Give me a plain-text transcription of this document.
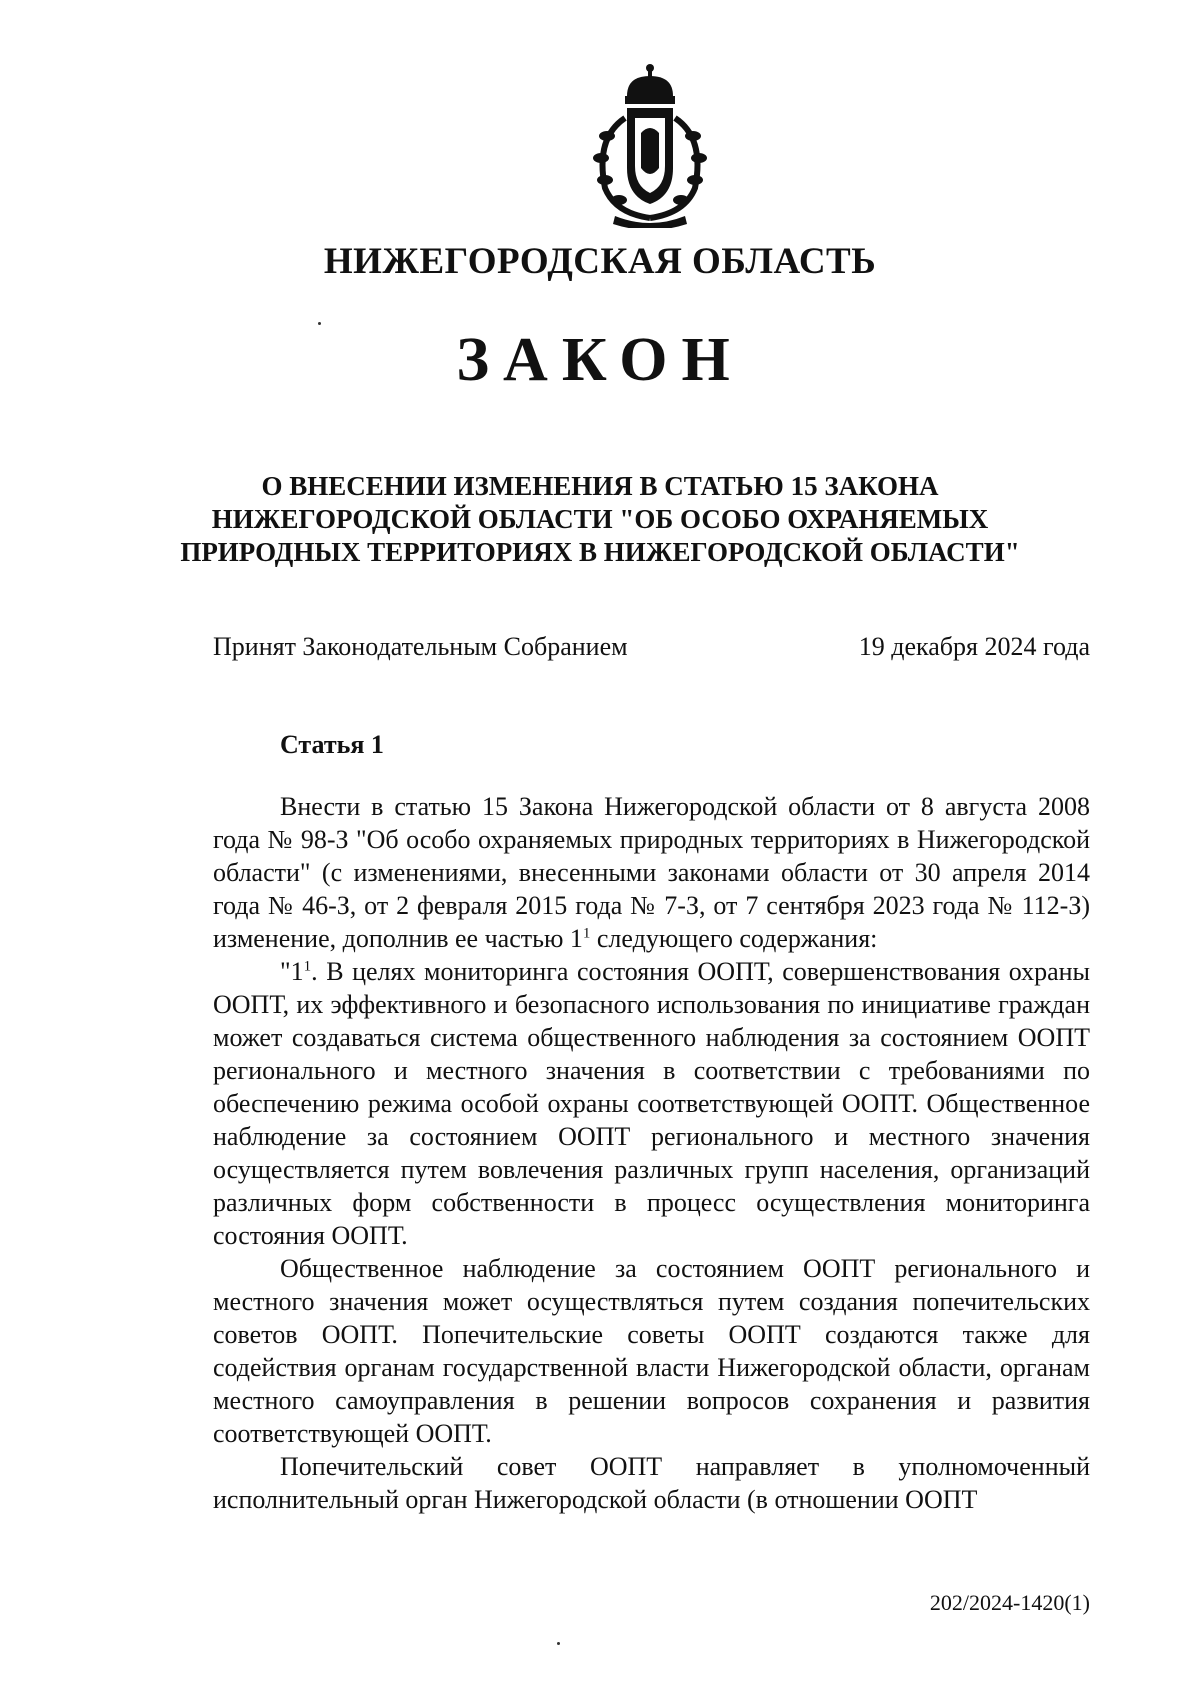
НИЖЕГОРОДСКАЯ ОБЛАСТЬ
ЗАКОН
О ВНЕСЕНИИ ИЗМЕНЕНИЯ В СТАТЬЮ 15 ЗАКОНА
НИЖЕГОРОДСКОЙ ОБЛАСТИ "ОБ ОСОБО ОХРАНЯЕМЫХ
ПРИРОДНЫХ ТЕРРИТОРИЯХ В НИЖЕГОРОДСКОЙ ОБЛАСТИ"
Принят Законодательным Собранием	19 декабря 2024 года
Статья 1

Внести в статью 15 Закона Нижегородской области от 8 августа 2008 года № 98-З "Об особо охраняемых природных территориях в Нижегородской области" (с изменениями, внесенными законами области от 30 апреля 2014 года № 46-З, от 2 февраля 2015 года № 7-З, от 7 сентября 2023 года № 112-З) изменение, дополнив ее частью $1^1$ следующего содержания:

"$1^1$. В целях мониторинга состояния ООПТ, совершенствования охраны ООПТ, их эффективного и безопасного использования по инициативе граждан может создаваться система общественного наблюдения за состоянием ООПТ регионального и местного значения в соответствии с требованиями по обеспечению режима особой охраны соответствующей ООПТ. Общественное наблюдение за состоянием ООПТ регионального и местного значения осуществляется путем вовлечения различных групп населения, организаций различных форм собственности в процесс осуществления мониторинга состояния ООПТ.

Общественное наблюдение за состоянием ООПТ регионального и местного значения может осуществляться путем создания попечительских советов ООПТ. Попечительские советы ООПТ создаются также для содействия органам государственной власти Нижегородской области, органам местного самоуправления в решении вопросов сохранения и развития соответствующей ООПТ.

Попечительский совет ООПТ направляет в уполномоченный исполнительный орган Нижегородской области (в отношении ООПТ

202/2024-1420(1)
